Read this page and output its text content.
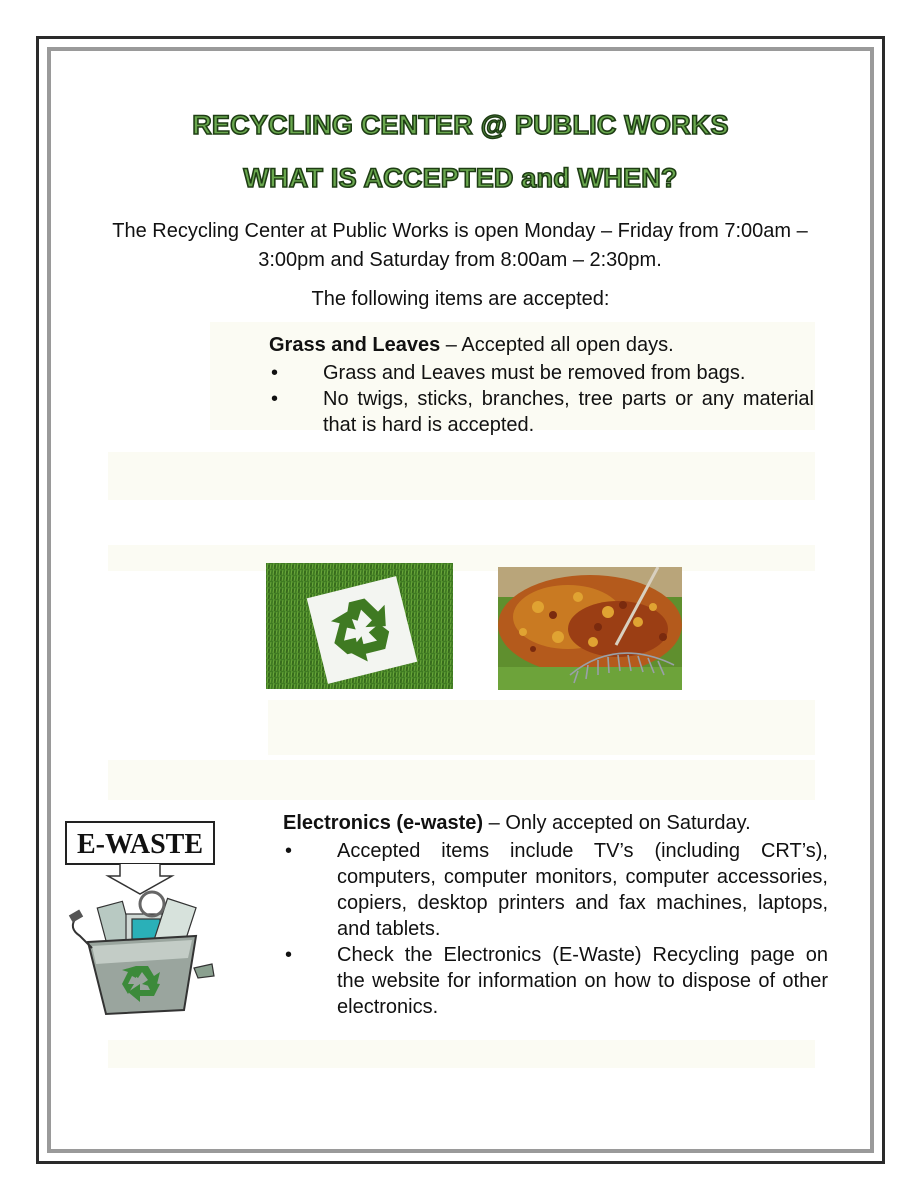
RECYCLING CENTER @ PUBLIC WORKS
WHAT IS ACCEPTED and WHEN?
The Recycling Center at Public Works is open Monday – Friday from 7:00am – 3:00pm and Saturday from 8:00am – 2:30pm.
The following items are accepted:
Grass and Leaves – Accepted all open days.
• Grass and Leaves must be removed from bags.
• No twigs, sticks, branches, tree parts or any material that is hard is accepted.
E-WASTE
Electronics (e-waste) – Only accepted on Saturday.
• Accepted items include TV’s (including CRT’s), computers, computer monitors, computer accessories, copiers, desktop printers and fax machines, laptops, and tablets.
• Check the Electronics (E-Waste) Recycling page on the website for information on how to dispose of other electronics.
